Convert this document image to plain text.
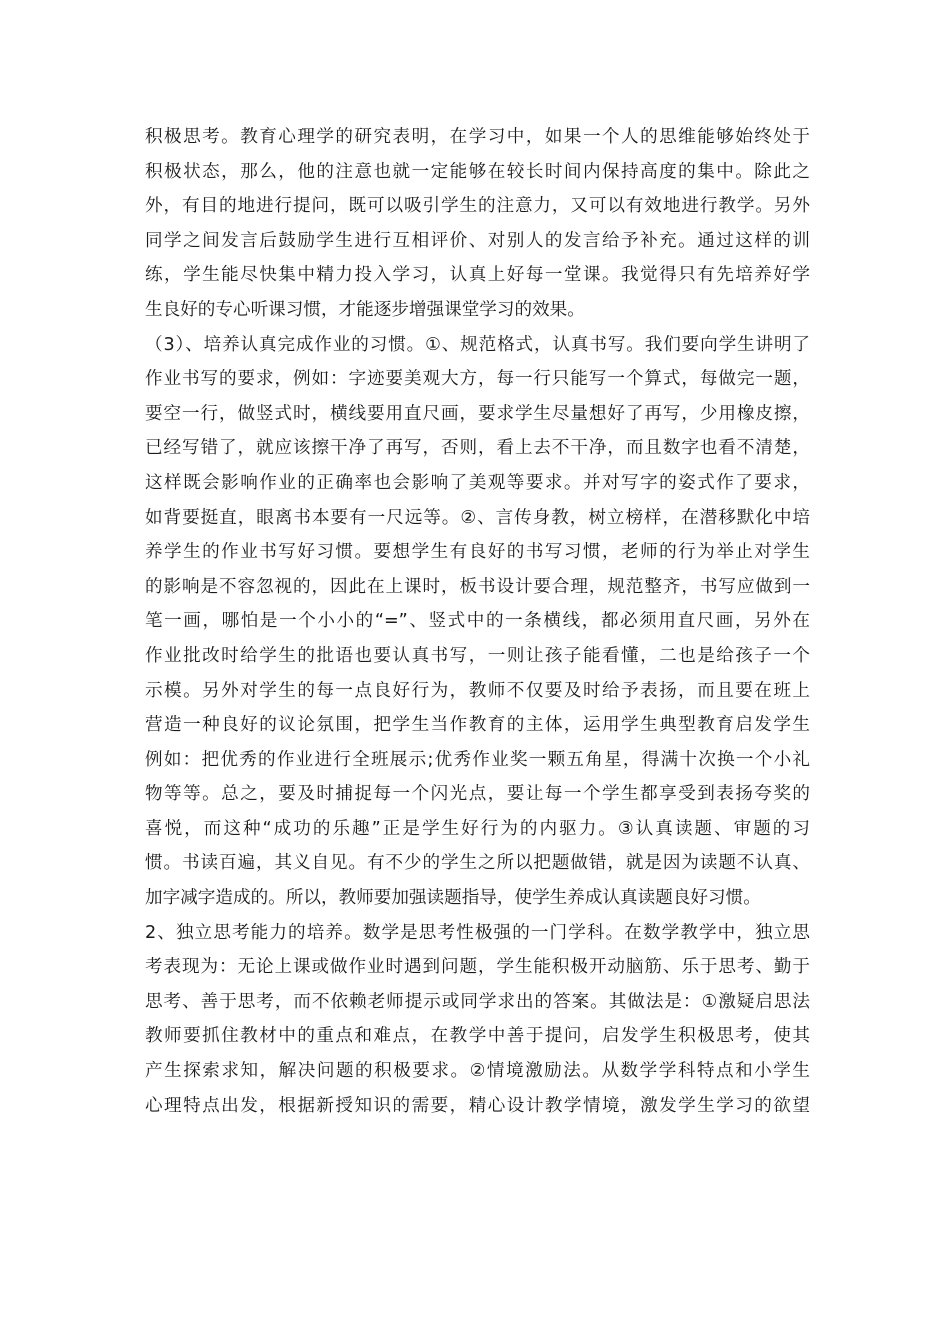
积极思考。教育心理学的研究表明，在学习中，如果一个人的思维能够始终处于
积极状态，那么，他的注意也就一定能够在较长时间内保持高度的集中。除此之
外，有目的地进行提问，既可以吸引学生的注意力，又可以有效地进行教学。另外
同学之间发言后鼓励学生进行互相评价、对别人的发言给予补充。通过这样的训
练，学生能尽快集中精力投入学习，认真上好每一堂课。我觉得只有先培养好学
生良好的专心听课习惯，才能逐步增强课堂学习的效果。
（3）、培养认真完成作业的习惯。①、规范格式，认真书写。我们要向学生讲明了
作业书写的要求，例如：字迹要美观大方，每一行只能写一个算式，每做完一题，
要空一行，做竖式时，横线要用直尺画，要求学生尽量想好了再写，少用橡皮擦，
已经写错了，就应该擦干净了再写，否则，看上去不干净，而且数字也看不清楚，
这样既会影响作业的正确率也会影响了美观等要求。并对写字的姿式作了要求，
如背要挺直，眼离书本要有一尺远等。②、言传身教，树立榜样，在潜移默化中培
养学生的作业书写好习惯。要想学生有良好的书写习惯，老师的行为举止对学生
的影响是不容忽视的，因此在上课时，板书设计要合理，规范整齐，书写应做到一
笔一画，哪怕是一个小小的“=”、竖式中的一条横线，都必须用直尺画，另外在
作业批改时给学生的批语也要认真书写，一则让孩子能看懂，二也是给孩子一个
示模。另外对学生的每一点良好行为，教师不仅要及时给予表扬，而且要在班上
营造一种良好的议论氛围，把学生当作教育的主体，运用学生典型教育启发学生
例如：把优秀的作业进行全班展示;优秀作业奖一颗五角星，得满十次换一个小礼
物等等。总之，要及时捕捉每一个闪光点，要让每一个学生都享受到表扬夸奖的
喜悦，而这种“成功的乐趣”正是学生好行为的内驱力。③认真读题、审题的习
惯。书读百遍，其义自见。有不少的学生之所以把题做错，就是因为读题不认真、
加字减字造成的。所以，教师要加强读题指导，使学生养成认真读题良好习惯。
2、独立思考能力的培养。数学是思考性极强的一门学科。在数学教学中，独立思
考表现为：无论上课或做作业时遇到问题，学生能积极开动脑筋、乐于思考、勤于
思考、善于思考，而不依赖老师提示或同学求出的答案。其做法是：①激疑启思法
教师要抓住教材中的重点和难点，在教学中善于提问，启发学生积极思考，使其
产生探索求知，解决问题的积极要求。②情境激励法。从数学学科特点和小学生
心理特点出发，根据新授知识的需要，精心设计教学情境，激发学生学习的欲望
